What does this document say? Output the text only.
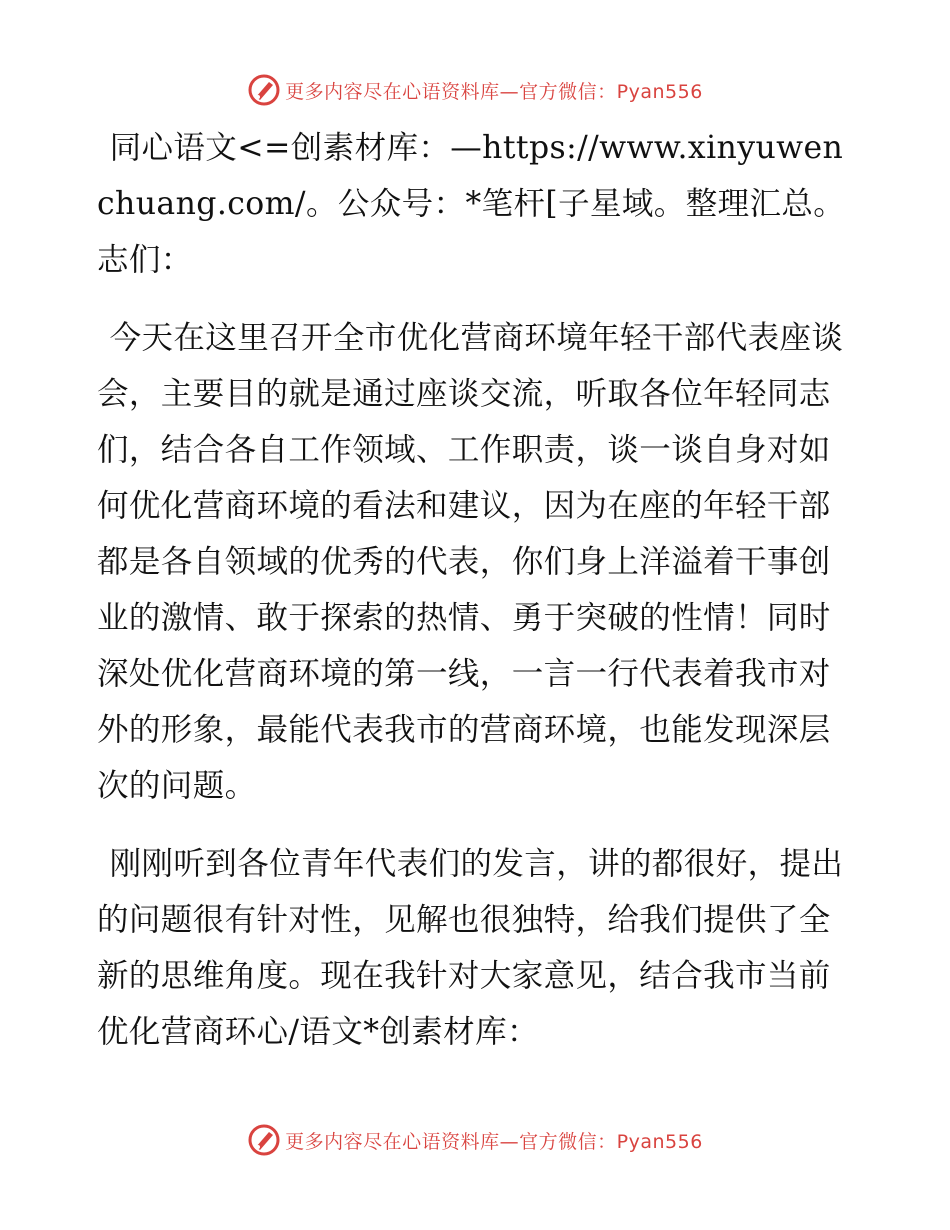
更多内容尽在心语资料库—官方微信：Pyan556

同心语文<=创素材库：—https://www.xinyuwenchuang.com/。公众号：*笔杆[子星域。整理汇总。志们：

今天在这里召开全市优化营商环境年轻干部代表座谈会，主要目的就是通过座谈交流，听取各位年轻同志们，结合各自工作领域、工作职责，谈一谈自身对如何优化营商环境的看法和建议，因为在座的年轻干部都是各自领域的优秀的代表，你们身上洋溢着干事创业的激情、敢于探索的热情、勇于突破的性情！同时深处优化营商环境的第一线，一言一行代表着我市对外的形象，最能代表我市的营商环境，也能发现深层次的问题。

刚刚听到各位青年代表们的发言，讲的都很好，提出的问题很有针对性，见解也很独特，给我们提供了全新的思维角度。现在我针对大家意见，结合我市当前优化营商环心/语文*创素材库：

更多内容尽在心语资料库—官方微信：Pyan556
